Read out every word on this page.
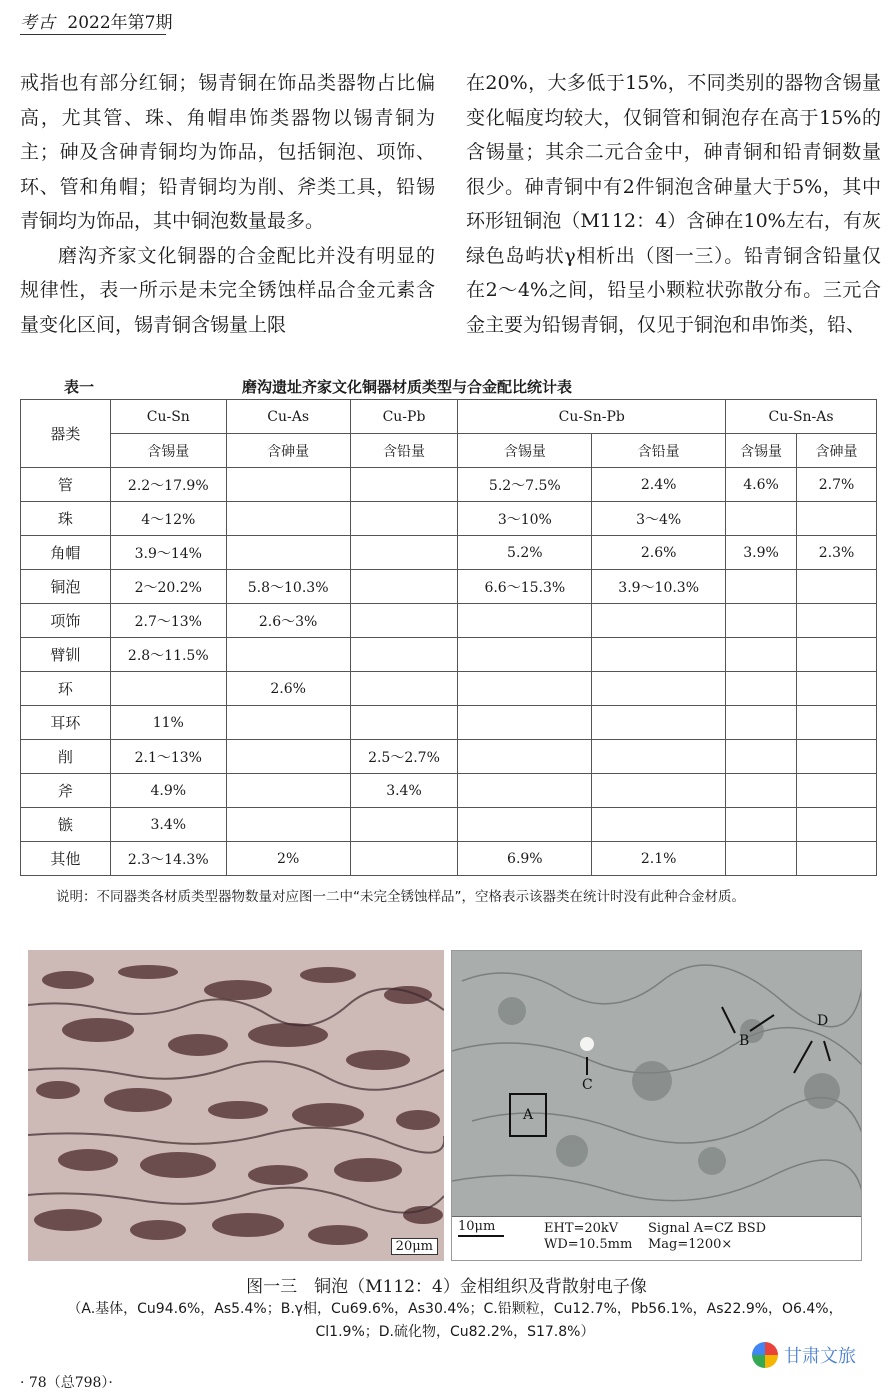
考古 2022年第7期

戒指也有部分红铜；锡青铜在饰品类器物占比偏高，尤其管、珠、角帽串饰类器物以锡青铜为主；砷及含砷青铜均为饰品，包括铜泡、项饰、环、管和角帽；铅青铜均为削、斧类工具，铅锡青铜均为饰品，其中铜泡数量最多。

磨沟齐家文化铜器的合金配比并没有明显的规律性，表一所示是未完全锈蚀样品合金元素含量变化区间，锡青铜含锡量上限

在20%，大多低于15%，不同类别的器物含锡量变化幅度均较大，仅铜管和铜泡存在高于15%的含锡量；其余二元合金中，砷青铜和铅青铜数量很少。砷青铜中有2件铜泡含砷量大于5%，其中环形钮铜泡（M112：4）含砷在10%左右，有灰绿色岛屿状γ相析出（图一三）。铅青铜含铅量仅在2～4%之间，铅呈小颗粒状弥散分布。三元合金主要为铅锡青铜，仅见于铜泡和串饰类，铅、

表一	磨沟遗址齐家文化铜器材质类型与合金配比统计表
器类	Cu-Sn	Cu-As	Cu-Pb	Cu-Sn-Pb		Cu-Sn-As	
	含锡量	含砷量	含铅量	含锡量	含铅量	含锡量	含砷量
管	2.2～17.9%			5.2～7.5%	2.4%	4.6%	2.7%
珠	4～12%			3～10%	3～4%		
角帽	3.9～14%			5.2%	2.6%	3.9%	2.3%
铜泡	2～20.2%	5.8～10.3%		6.6～15.3%	3.9～10.3%		
项饰	2.7～13%	2.6～3%					
臂钏	2.8～11.5%						
环		2.6%					
耳环	11%						
削	2.1～13%		2.5～2.7%				
斧	4.9%		3.4%				
镞	3.4%						
其他	2.3～14.3%	2%		6.9%	2.1%		
说明：不同器类各材质类型器物数量对应图一二中“未完全锈蚀样品”，空格表示该器类在统计时没有此种合金材质。
20μm
C
A
B
D
10μm	EHT=20kV
WD=10.5mm
Signal A=CZ BSD
Mag=1200×
图一三　铜泡（M112：4）金相组织及背散射电子像
（A.基体，Cu94.6%，As5.4%；B.γ相，Cu69.6%，As30.4%；C.铅颗粒，Cu12.7%，Pb56.1%，As22.9%，O6.4%，Cl1.9%；D.硫化物，Cu82.2%，S17.8%）
· 78（总798）·
甘肃文旅
